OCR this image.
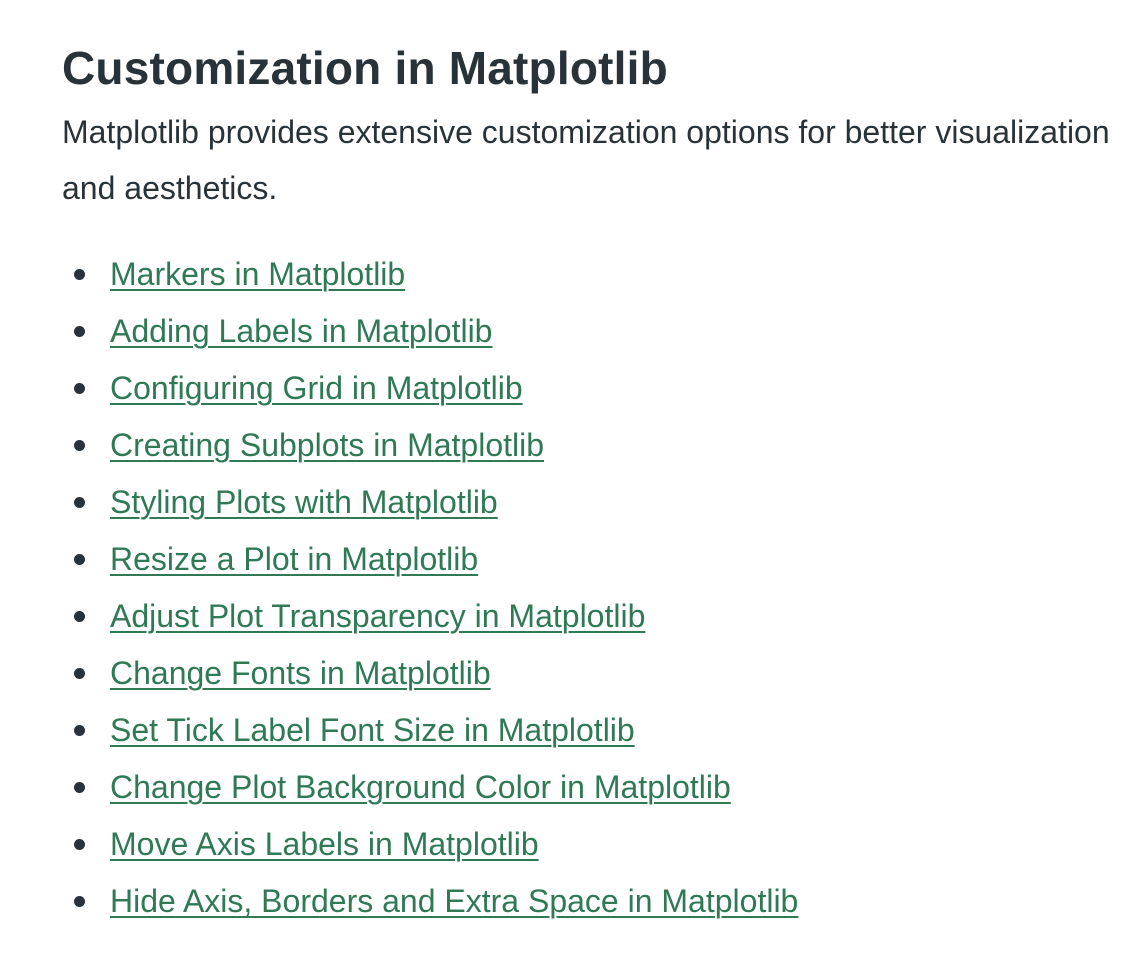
Customization in Matplotlib

Matplotlib provides extensive customization options for better visualization and aesthetics.

Markers in Matplotlib
Adding Labels in Matplotlib
Configuring Grid in Matplotlib
Creating Subplots in Matplotlib
Styling Plots with Matplotlib
Resize a Plot in Matplotlib
Adjust Plot Transparency in Matplotlib
Change Fonts in Matplotlib
Set Tick Label Font Size in Matplotlib
Change Plot Background Color in Matplotlib
Move Axis Labels in Matplotlib
Hide Axis, Borders and Extra Space in Matplotlib
